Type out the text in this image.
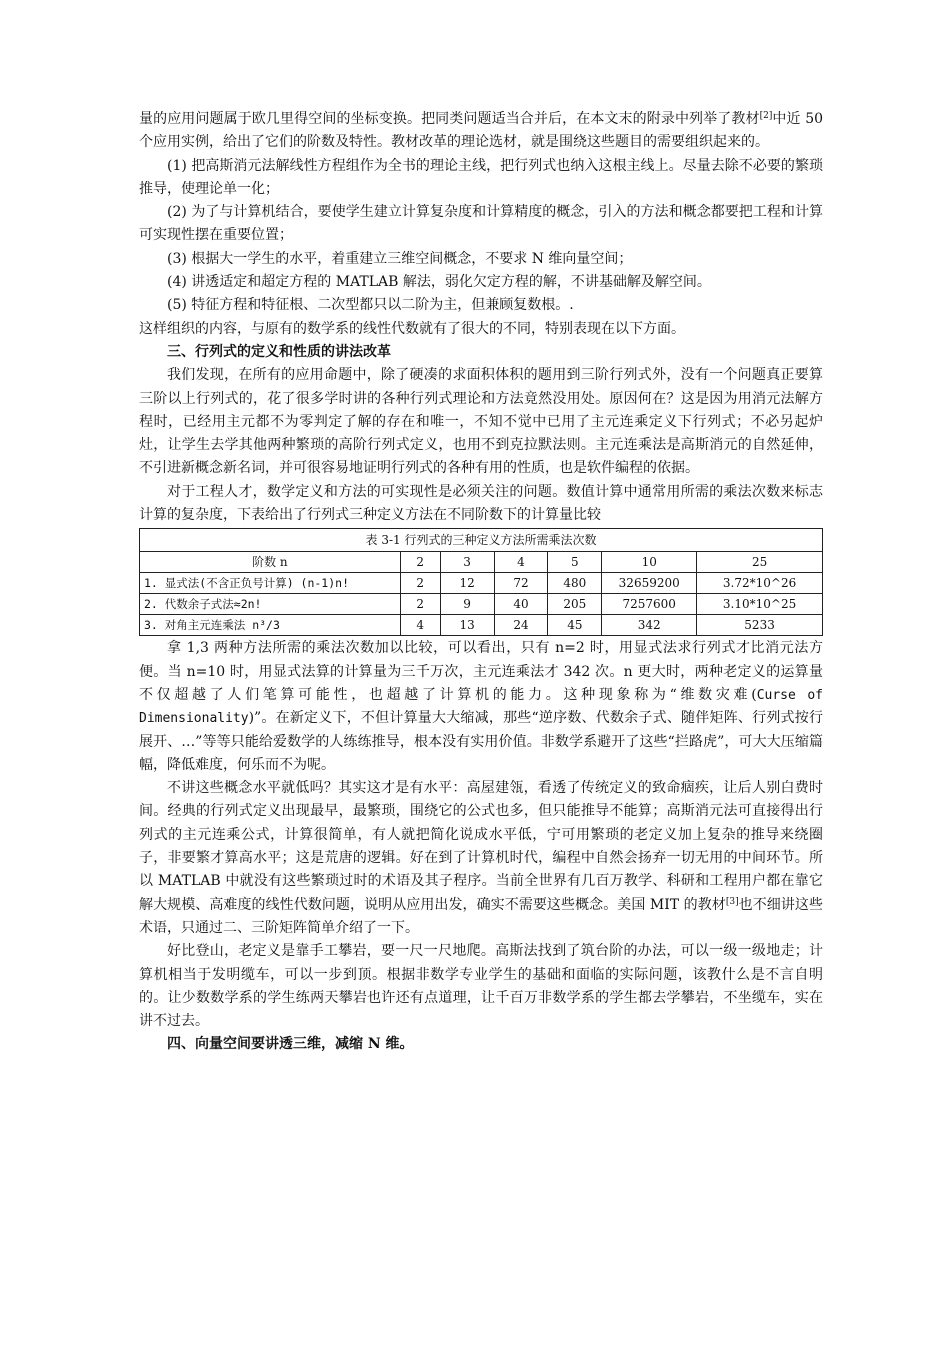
量的应用问题属于欧几里得空间的坐标变换。把同类问题适当合并后，在本文末的附录中列举了教材[2]中近 50 个应用实例，给出了它们的阶数及特性。教材改革的理论选材，就是围绕这些题目的需要组织起来的。

(1) 把高斯消元法解线性方程组作为全书的理论主线，把行列式也纳入这根主线上。尽量去除不必要的繁琐推导，使理论单一化；

(2) 为了与计算机结合，要使学生建立计算复杂度和计算精度的概念，引入的方法和概念都要把工程和计算可实现性摆在重要位置；

(3) 根据大一学生的水平，着重建立三维空间概念，不要求 N 维向量空间；

(4) 讲透适定和超定方程的 MATLAB 解法，弱化欠定方程的解，不讲基础解及解空间。

(5) 特征方程和特征根、二次型都只以二阶为主，但兼顾复数根。.

这样组织的内容，与原有的数学系的线性代数就有了很大的不同，特别表现在以下方面。

三、行列式的定义和性质的讲法改革

我们发现，在所有的应用命题中，除了硬凑的求面积体积的题用到三阶行列式外，没有一个问题真正要算三阶以上行列式的，花了很多学时讲的各种行列式理论和方法竟然没用处。原因何在？这是因为用消元法解方程时，已经用主元都不为零判定了解的存在和唯一，不知不觉中已用了主元连乘定义下行列式；不必另起炉灶，让学生去学其他两种繁琐的高阶行列式定义，也用不到克拉默法则。主元连乘法是高斯消元的自然延伸，不引进新概念新名词，并可很容易地证明行列式的各种有用的性质，也是软件编程的依据。

对于工程人才，数学定义和方法的可实现性是必须关注的问题。数值计算中通常用所需的乘法次数来标志计算的复杂度，下表给出了行列式三种定义方法在不同阶数下的计算量比较

表 3-1 行列式的三种定义方法所需乘法次数						
阶数 n	2	3	4	5	10	25
1. 显式法(不含正负号计算) (n-1)n!	2	12	72	480	32659200	3.72*10^26
2. 代数余子式法≈2n!	2	9	40	205	7257600	3.10*10^25
3. 对角主元连乘法 n³/3	4	13	24	45	342	5233

拿 1,3 两种方法所需的乘法次数加以比较，可以看出，只有 n=2 时，用显式法求行列式才比消元法方便。当 n=10 时，用显式法算的计算量为三千万次，主元连乘法才 342 次。n 更大时，两种老定义的运算量不仅超越了人们笔算可能性，也超越了计算机的能力。这种现象称为“维数灾难(Curse of Dimensionality)”。在新定义下，不但计算量大大缩减，那些“逆序数、代数余子式、随伴矩阵、行列式按行展开、…”等等只能给爱数学的人练练推导，根本没有实用价值。非数学系避开了这些“拦路虎”，可大大压缩篇幅，降低难度，何乐而不为呢。

不讲这些概念水平就低吗？其实这才是有水平：高屋建瓴，看透了传统定义的致命痼疾，让后人别白费时间。经典的行列式定义出现最早，最繁琐，围绕它的公式也多，但只能推导不能算；高斯消元法可直接得出行列式的主元连乘公式，计算很简单，有人就把简化说成水平低，宁可用繁琐的老定义加上复杂的推导来绕圈子，非要繁才算高水平；这是荒唐的逻辑。好在到了计算机时代，编程中自然会扬弃一切无用的中间环节。所以 MATLAB 中就没有这些繁琐过时的术语及其子程序。当前全世界有几百万教学、科研和工程用户都在靠它解大规模、高难度的线性代数问题，说明从应用出发，确实不需要这些概念。美国 MIT 的教材[3]也不细讲这些术语，只通过二、三阶矩阵简单介绍了一下。

好比登山，老定义是靠手工攀岩，要一尺一尺地爬。高斯法找到了筑台阶的办法，可以一级一级地走；计算机相当于发明缆车，可以一步到顶。根据非数学专业学生的基础和面临的实际问题，该教什么是不言自明的。让少数数学系的学生练两天攀岩也许还有点道理，让千百万非数学系的学生都去学攀岩，不坐缆车，实在讲不过去。

四、向量空间要讲透三维，减缩 N 维。
